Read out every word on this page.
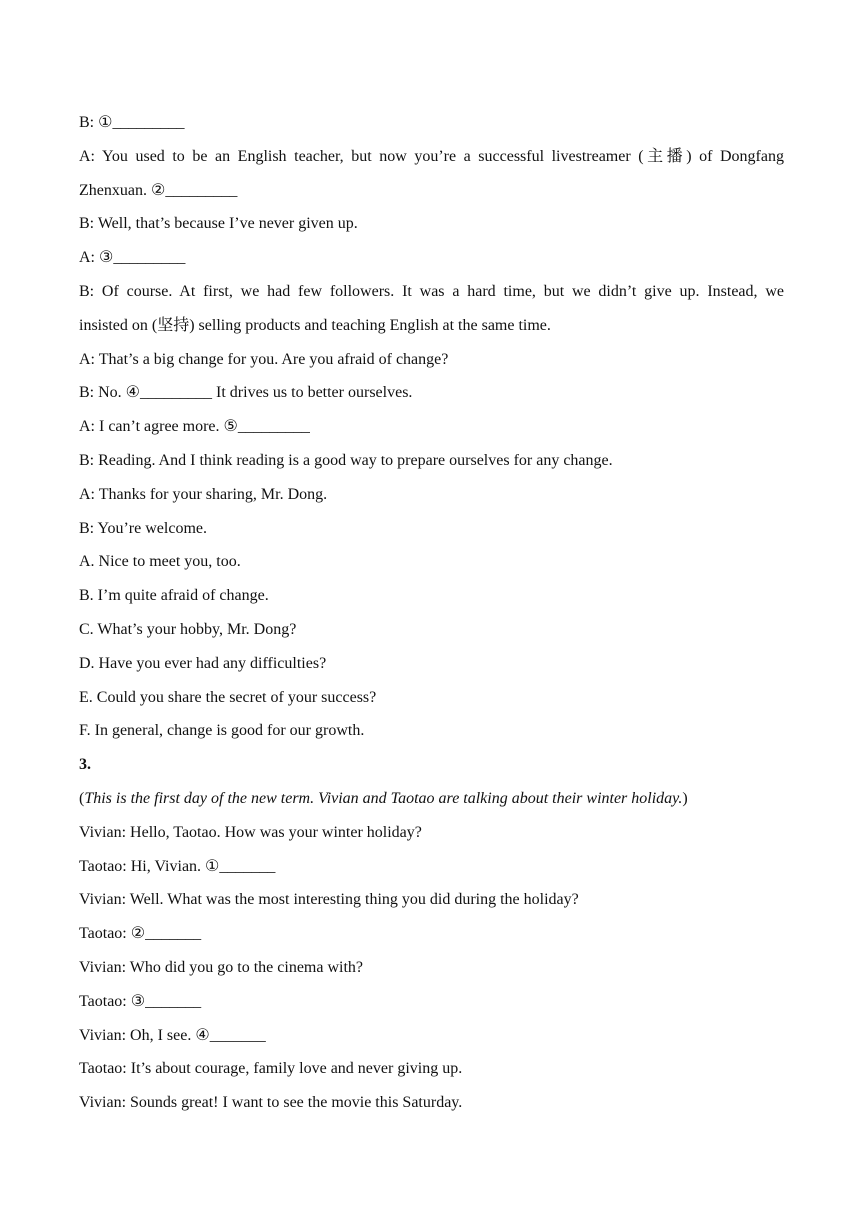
B: ①_________
A: You used to be an English teacher, but now you’re a successful livestreamer (主播) of Dongfang
Zhenxuan. ②_________
B: Well, that’s because I’ve never given up.
A: ③_________
B: Of course. At first, we had few followers. It was a hard time, but we didn’t give up. Instead, we
insisted on (坚持) selling products and teaching English at the same time.
A: That’s a big change for you. Are you afraid of change?
B: No. ④_________ It drives us to better ourselves.
A: I can’t agree more. ⑤_________
B: Reading. And I think reading is a good way to prepare ourselves for any change.
A: Thanks for your sharing, Mr. Dong.
B: You’re welcome.
A. Nice to meet you, too.
B. I’m quite afraid of change.
C. What’s your hobby, Mr. Dong?
D. Have you ever had any difficulties?
E. Could you share the secret of your success?
F. In general, change is good for our growth.
3.
(This is the first day of the new term. Vivian and Taotao are talking about their winter holiday.)
Vivian: Hello, Taotao. How was your winter holiday?
Taotao: Hi, Vivian. ①_______
Vivian: Well. What was the most interesting thing you did during the holiday?
Taotao: ②_______
Vivian: Who did you go to the cinema with?
Taotao: ③_______
Vivian: Oh, I see. ④_______
Taotao: It’s about courage, family love and never giving up.
Vivian: Sounds great! I want to see the movie this Saturday.
